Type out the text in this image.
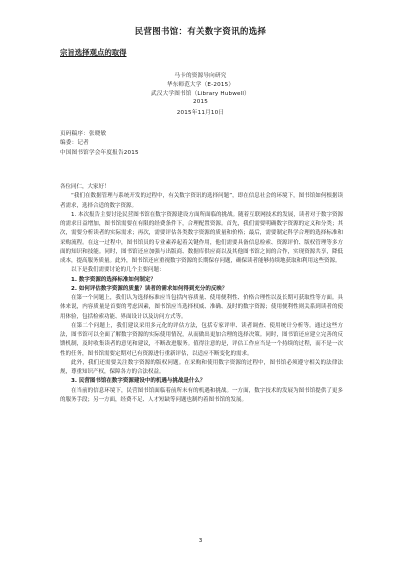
民营图书馆：有关数字资讯的选择
宗旨选择观点的取得
马卡的资源导向研究
华东师范大学（E-2015）
武汉大学图书馆（Library Hubwell）
2015
2015年11月10日
页码稿序：张晓敏
编委：记者
中国图书馆学会年度报告2015

各位同仁，大家好！

“我们在数据管理与系统开发的过程中，有关数字资讯的选择问题”，即在信息社会的环境下，图书馆如何根据读者需求，选择合适的数字资源。

1. 本次报告主要讨论民营图书馆在数字资源建设方面所面临的挑战。随着互联网技术的发展，读者对于数字资源的需求日益增加，图书馆需要在有限的经费条件下，合理配置资源。首先，我们需要明确数字资源的定义和分类；其次，需要分析读者的实际需求；再次，需要评估各类数字资源的质量和价格；最后，需要制定科学合理的选择标准和采购流程。在这一过程中，图书馆员的专业素养起着关键作用，他们需要具备信息检索、资源评价、版权管理等多方面的知识和技能。同时，图书馆还应加强与出版商、数据库供应商以及其他图书馆之间的合作，实现资源共享，降低成本，提高服务质量。此外，图书馆还应重视数字资源的长期保存问题，确保读者能够持续地获取和利用这些资源。

以下是我们需要讨论的几个主要问题：

1. 数字资源的选择标准如何制定？

2. 如何评估数字资源的质量？读者的需求如何得到充分的反映？

在第一个问题上，我们认为选择标准应当包括内容质量、使用便利性、价格合理性以及长期可获取性等方面。具体来说，内容质量是首要的考虑因素，图书馆应当选择权威、准确、及时的数字资源；使用便利性则关系到读者的使用体验，包括检索功能、界面设计以及访问方式等。

在第二个问题上，我们建议采用多元化的评估方法，包括专家评审、读者调查、使用统计分析等。通过这些方法，图书馆可以全面了解数字资源的实际使用情况，从而做出更加合理的选择决策。同时，图书馆还应建立完善的反馈机制，及时收集读者的意见和建议，不断改进服务。值得注意的是，评估工作应当是一个持续的过程，而不是一次性的任务，图书馆需要定期对已有资源进行重新评估，以适应不断变化的需求。

此外，我们还需要关注数字资源的版权问题。在采购和使用数字资源的过程中，图书馆必须遵守相关的法律法规，尊重知识产权，保障各方的合法权益。

3. 民营图书馆在数字资源建设中的机遇与挑战是什么？

在当前的信息环境下，民营图书馆面临着前所未有的机遇和挑战。一方面，数字技术的发展为图书馆提供了更多的服务手段；另一方面，经费不足、人才短缺等问题也制约着图书馆的发展。

3
